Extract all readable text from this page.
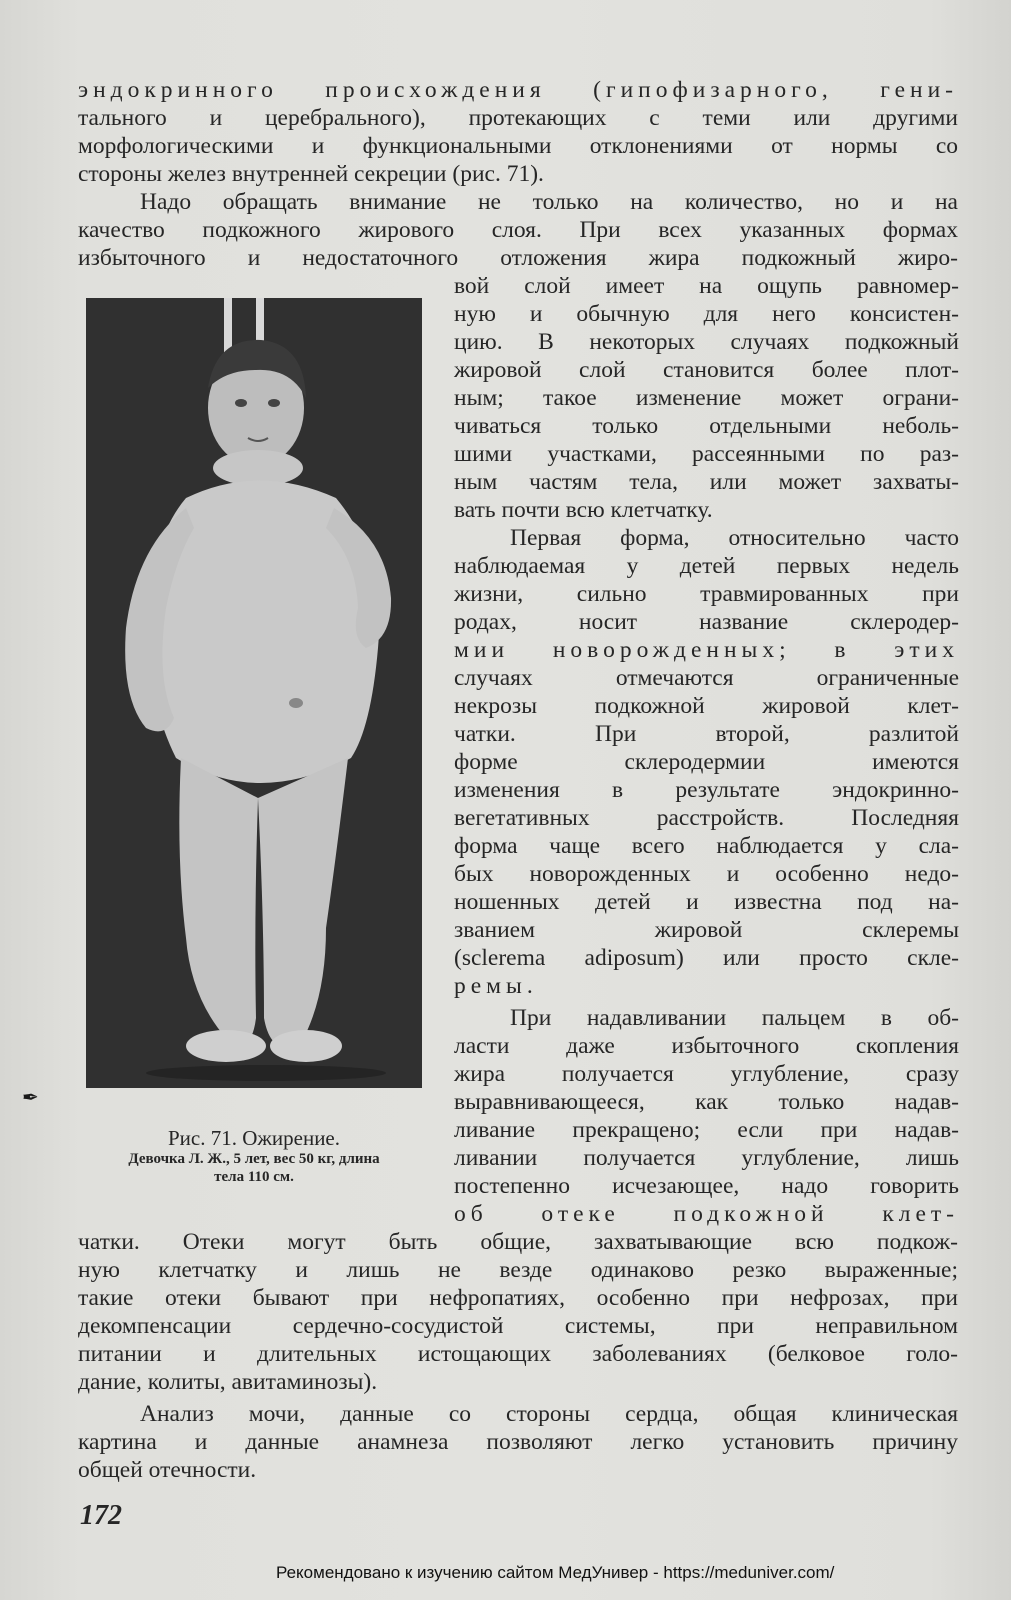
эндокринного происхождения (гипофизарного, гени-
тального и церебрального), протекающих с теми или другими
морфологическими и функциональными отклонениями от нормы со
стороны желез внутренней секреции (рис. 71).
Надо обращать внимание не только на количество, но и на
качество подкожного жирового слоя. При всех указанных формах
избыточного и недостаточного отложения жира подкожный жиро-
Рис. 71. Ожирение.
Девочка Л. Ж., 5 лет, вес 50 кг, длина
тела 110 см.
вой слой имеет на ощупь равномер-
ную и обычную для него консистен-
цию. В некоторых случаях подкожный
жировой слой становится более плот-
ным; такое изменение может ограни-
чиваться только отдельными неболь-
шими участками, рассеянными по раз-
ным частям тела, или может захваты-
вать почти всю клетчатку.
Первая форма, относительно часто
наблюдаемая у детей первых недель
жизни, сильно травмированных при
родах, носит название склеродер-
мии новорожденных; в этих
случаях отмечаются ограниченные
некрозы подкожной жировой клет-
чатки. При второй, разлитой
форме склеродермии имеются
изменения в результате эндокринно-
вегетативных расстройств. Последняя
форма чаще всего наблюдается у сла-
бых новорожденных и особенно недо-
ношенных детей и известна под на-
званием жировой склеремы
(sclerema adiposum) или просто скле-
ремы.
При надавливании пальцем в об-
ласти даже избыточного скопления
жира получается углубление, сразу
выравнивающееся, как только надав-
ливание прекращено; если при надав-
ливании получается углубление, лишь
постепенно исчезающее, надо говорить
об отеке подкожной клет-
чатки. Отеки могут быть общие, захватывающие всю подкож-
ную клетчатку и лишь не везде одинаково резко выраженные;
такие отеки бывают при нефропатиях, особенно при нефрозах, при
декомпенсации сердечно-сосудистой системы, при неправильном
питании и длительных истощающих заболеваниях (белковое голо-
дание, колиты, авитаминозы).
Анализ мочи, данные со стороны сердца, общая клиническая
картина и данные анамнеза позволяют легко установить причину
общей отечности.
172
Рекомендовано к изучению сайтом МедУнивер - https://meduniver.com/
✒
